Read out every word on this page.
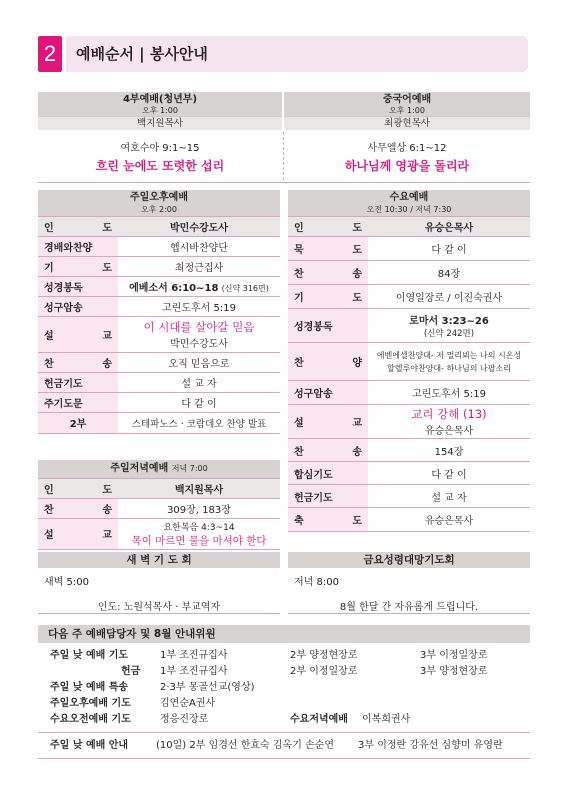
2	예배순서 | 봉사안내
4부예배(청년부)
오후 1:00
백지원목사
여호수아 9:1~15
흐린 눈에도 또렷한 섭리
중국어예배
오후 1:00
최광현목사
사무엘상 6:1~12
하나님께 영광을 돌리라
주일오후예배
오후 2:00
인 도	박민수강도사
경배와찬양	헵시바찬양단
기 도	최정근집사
성경봉독	에베소서 6:10~18 (신약 316면)
성구암송	고린도후서 5:19
설 교	이 시대를 살아갈 믿음
박민수강도사

찬 송	오직 믿음으로
헌금기도	설 교 자
주기도문	다 같 이
2부	스테파노스 · 코람데오 찬양 발표
주일저녁예배 저녁 7:00
인 도	백지원목사
찬 송	309장, 183장
설 교	요한복음 4:3~14
목이 마르면 물을 마셔야 한다
수요예배
오전 10:30 / 저녁 7:30
인 도	유승은목사
묵 도	다 같 이
찬 송	84장
기 도	이영일장로 / 이진숙권사
성경봉독	로마서 3:23~26
(신약 242면)

찬 양	에벤에셀찬양대- 저 멀리뵈는 나의 시온성
할렐루야찬양대- 하나님의 나팔소리

성구암송	고린도후서 5:19
설 교	교리 강해 (13)
유승은목사

찬 송	154장
합심기도	다 같 이
헌금기도	설 교 자
축 도	유승은목사
새 벽 기 도 회
새벽 5:00
인도: 노원석목사 · 부교역자
금요성령대망기도회
저녁 8:00
8월 한달 간 자유롭게 드립니다.
다음 주 예배담당자 및 8월 안내위원
주일 낮 예배 기도	1부 조진규집사	2부 양정현장로	3부 이정일장로
헌금 1부 조진규집사	2부 이정일장로	3부 양정현장로
주일 낮 예배 특송	2·3부 몽골선교(영상)
주일오후예배 기도	김연순A권사
수요오전예배 기도	정응진장로	수요저녁예배 이복희권사
주일 낮 예배 안내	(10일) 2부 임경선 한효숙 김옥기 손순연 3부 이정란 강유선 심향미 유영란
